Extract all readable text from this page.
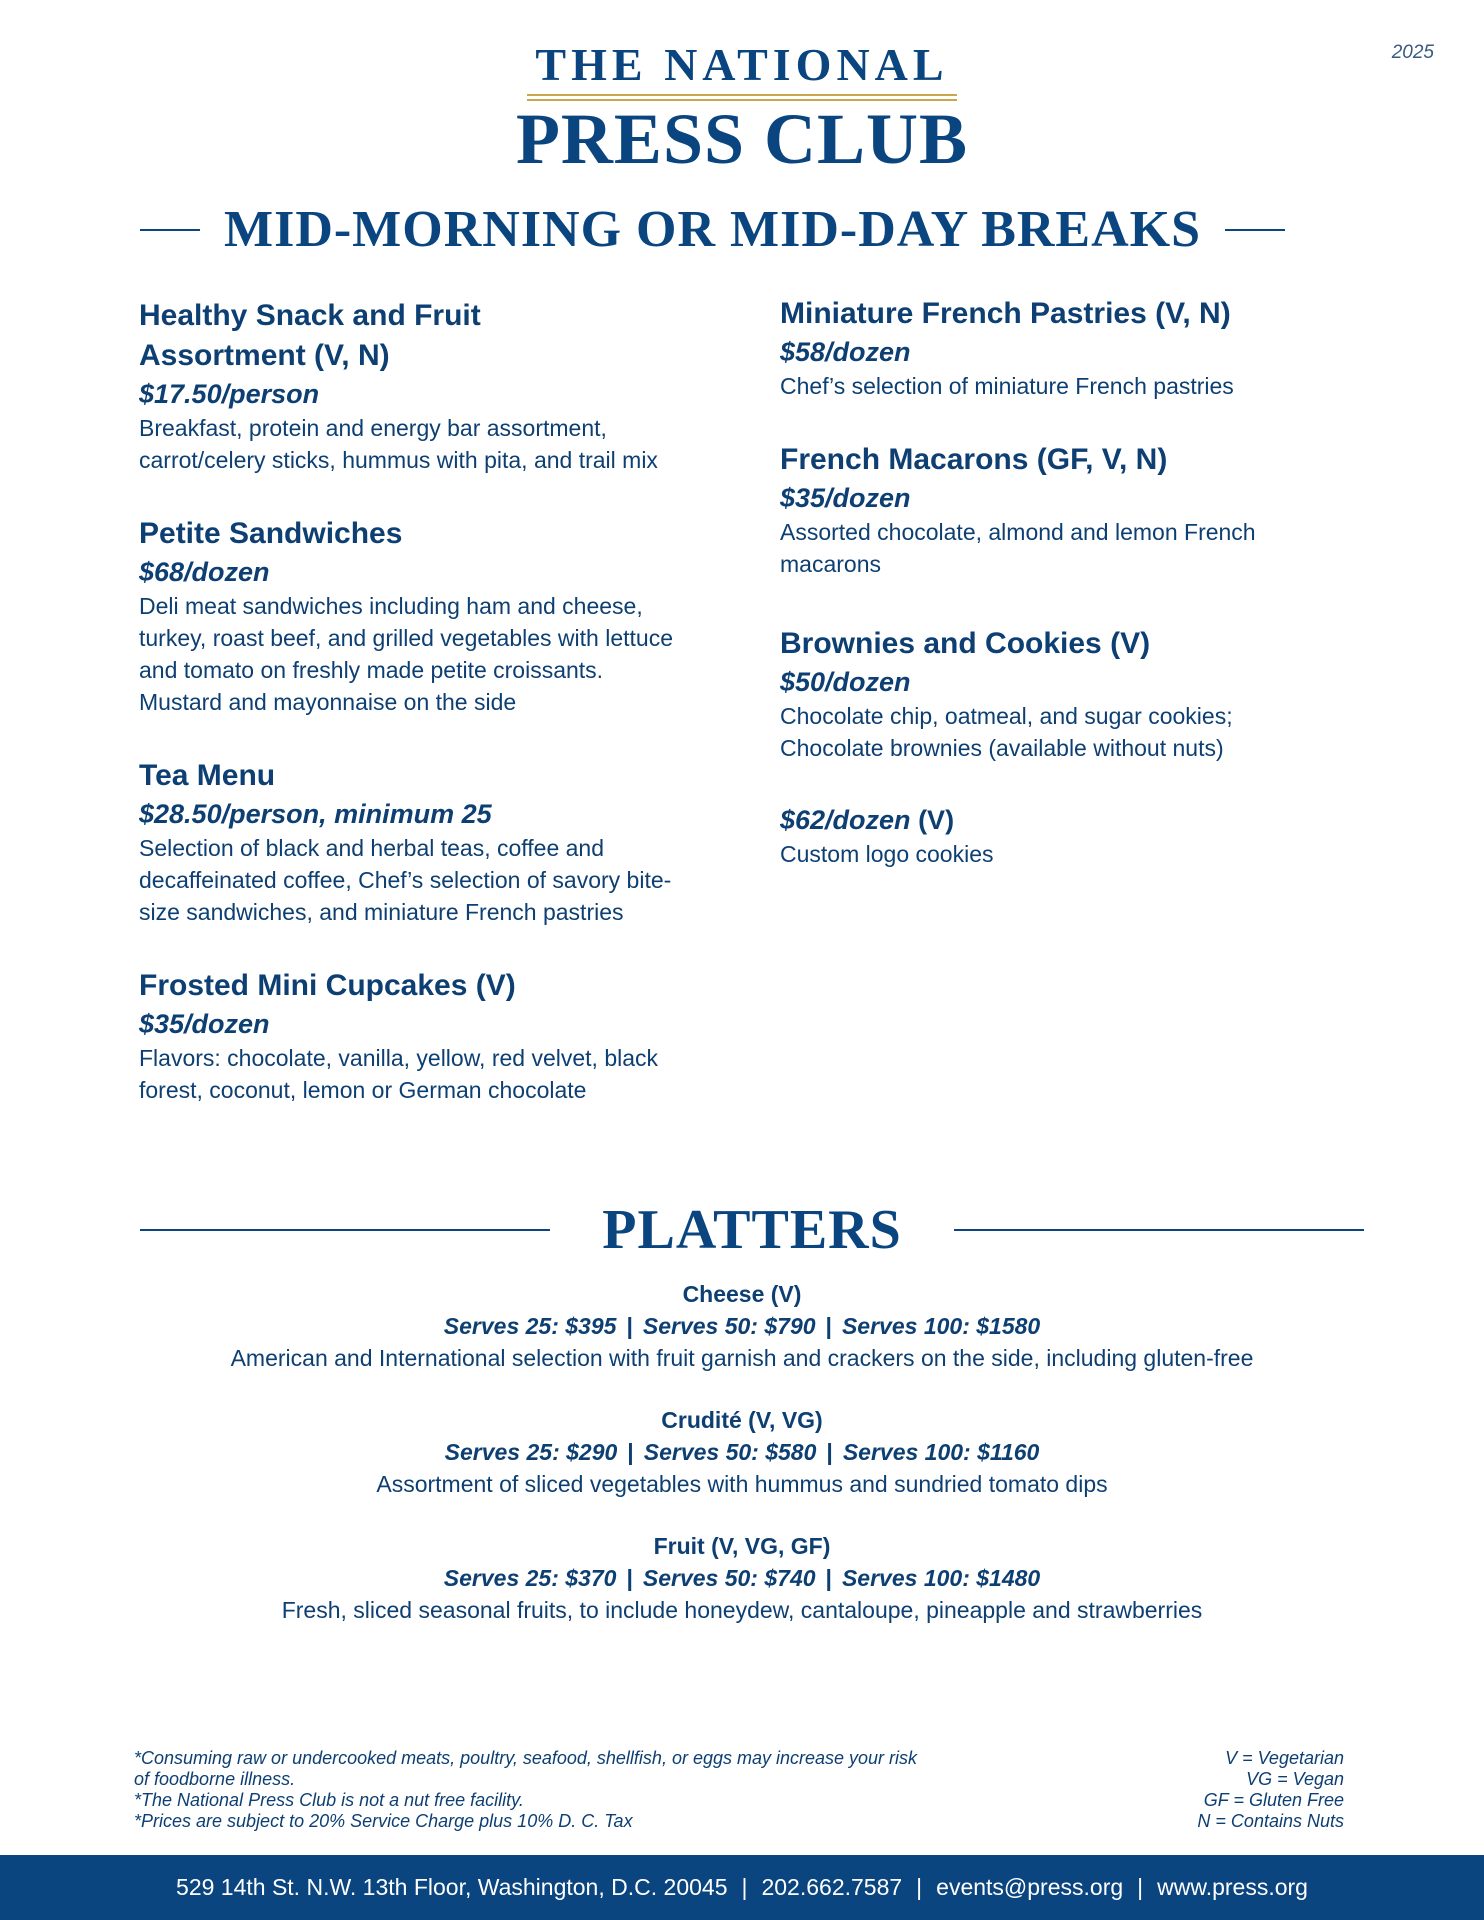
2025
THE NATIONAL
PRESS CLUB
MID-MORNING OR MID-DAY BREAKS
Healthy Snack and Fruit Assortment (V, N)
$17.50/person
Breakfast, protein and energy bar assortment, carrot/celery sticks, hummus with pita, and trail mix
Petite Sandwiches
$68/dozen
Deli meat sandwiches including ham and cheese, turkey, roast beef, and grilled vegetables with lettuce and tomato on freshly made petite croissants. Mustard and mayonnaise on the side
Tea Menu
$28.50/person, minimum 25
Selection of black and herbal teas, coffee and decaffeinated coffee, Chef’s selection of savory bite-size sandwiches, and miniature French pastries
Frosted Mini Cupcakes (V)
$35/dozen
Flavors: chocolate, vanilla, yellow, red velvet, black forest, coconut, lemon or German chocolate
Miniature French Pastries (V, N)
$58/dozen
Chef’s selection of miniature French pastries
French Macarons (GF, V, N)
$35/dozen
Assorted chocolate, almond and lemon French macarons
Brownies and Cookies (V)
$50/dozen
Chocolate chip, oatmeal, and sugar cookies; Chocolate brownies (available without nuts)
$62/dozen (V)
Custom logo cookies
PLATTERS
Cheese (V)
Serves 25: $395 | Serves 50: $790 | Serves 100: $1580
American and International selection with fruit garnish and crackers on the side, including gluten-free
Crudité (V, VG)
Serves 25: $290 | Serves 50: $580 | Serves 100: $1160
Assortment of sliced vegetables with hummus and sundried tomato dips
Fruit (V, VG, GF)
Serves 25: $370 | Serves 50: $740 | Serves 100: $1480
Fresh, sliced seasonal fruits, to include honeydew, cantaloupe, pineapple and strawberries
*Consuming raw or undercooked meats, poultry, seafood, shellfish, or eggs may increase your risk of foodborne illness.
*The National Press Club is not a nut free facility.
*Prices are subject to 20% Service Charge plus 10% D. C. Tax
V = Vegetarian
VG = Vegan
GF = Gluten Free
N = Contains Nuts
529 14th St. N.W. 13th Floor, Washington, D.C. 20045 | 202.662.7587 | events@press.org | www.press.org
